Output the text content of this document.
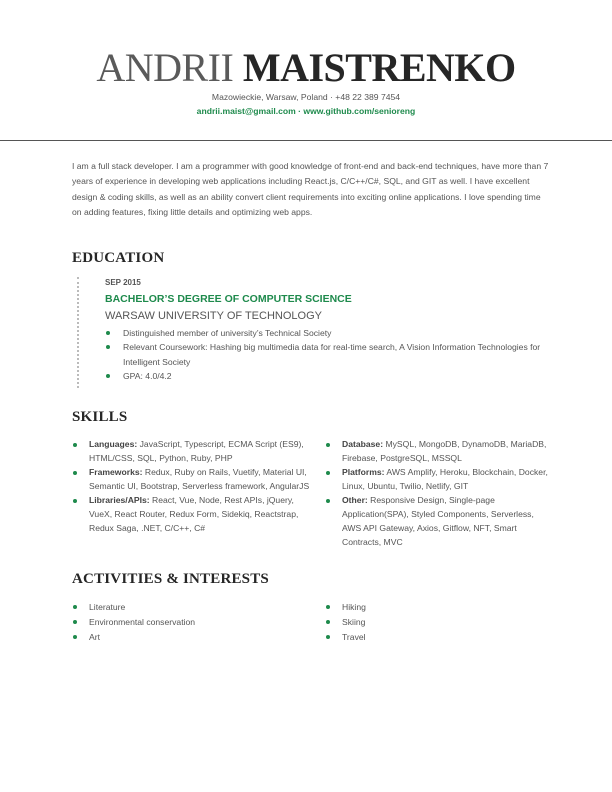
ANDRII MAISTRENKO
Mazowieckie, Warsaw, Poland · +48 22 389 7454
andrii.maist@gmail.com · www.github.com/senioreng

I am a full stack developer. I am a programmer with good knowledge of front-end and back-end techniques, have more than 7 years of experience in developing web applications including React.js, C/C++/C#, SQL, and GIT as well. I have excellent design & coding skills, as well as an ability convert client requirements into exciting online applications. I love spending time on adding features, fixing little details and optimizing web apps.

EDUCATION
SEP 2015
BACHELOR’S DEGREE OF COMPUTER SCIENCE
WARSAW UNIVERSITY OF TECHNOLOGY
Distinguished member of university’s Technical Society
Relevant Coursework: Hashing big multimedia data for real-time search, A Vision Information Technologies for Intelligent Society
GPA: 4.0/4.2
SKILLS
Languages: JavaScript, Typescript, ECMA Script (ES9), HTML/CSS, SQL, Python, Ruby, PHP
Frameworks: Redux, Ruby on Rails, Vuetify, Material UI, Semantic UI, Bootstrap, Serverless framework, AngularJS
Libraries/APIs: React, Vue, Node, Rest APIs, jQuery, VueX, React Router, Redux Form, Sidekiq, Reactstrap, Redux Saga, .NET, C/C++, C#
Database: MySQL, MongoDB, DynamoDB, MariaDB, Firebase, PostgreSQL, MSSQL
Platforms: AWS Amplify, Heroku, Blockchain, Docker, Linux, Ubuntu, Twilio, Netlify, GIT
Other: Responsive Design, Single-page Application(SPA), Styled Components, Serverless, AWS API Gateway, Axios, Gitflow, NFT, Smart Contracts, MVC
ACTIVITIES & INTERESTS
Literature
Environmental conservation
Art
Hiking
Skiing
Travel
